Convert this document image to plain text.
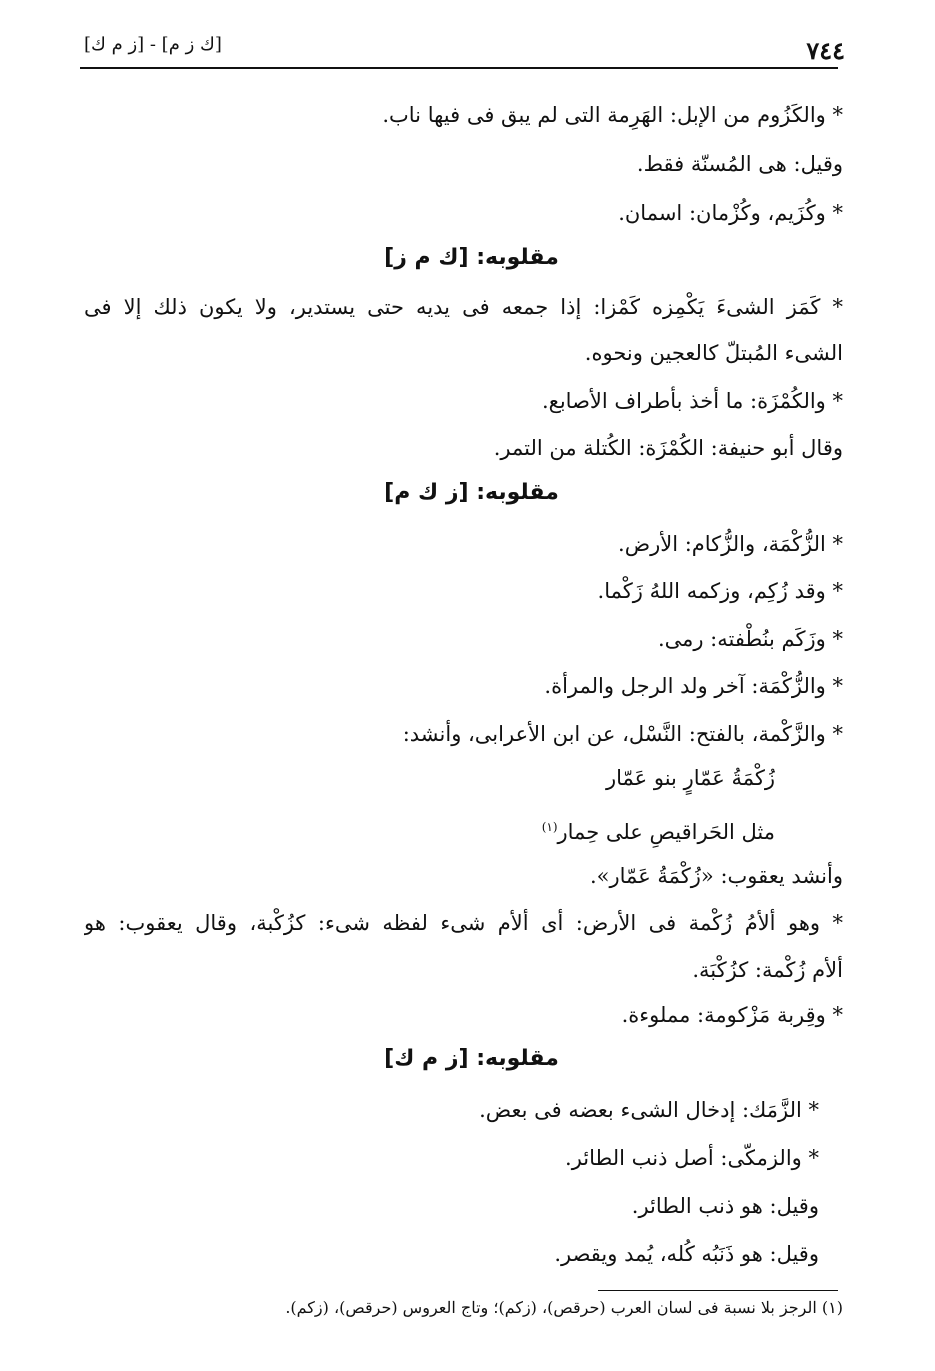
٧٤٤
[ك ز م] - [ز م ك]
* والكَزُوم من الإبل: الهَرِمة التى لم يبق فى فيها ناب.
وقيل: هى المُسنّة فقط.
* وكُزَيم، وكُزْمان: اسمان.
مقلوبه: [ك م ز]
* كَمَز الشىءَ يَكْمِزه كَمْزا: إذا جمعه فى يديه حتى يستدير، ولا يكون ذلك إلا فى
الشىء المُبتلّ كالعجين ونحوه.
* والكُمْزَة: ما أخذ بأطراف الأصابع.
وقال أبو حنيفة: الكُمْزَة: الكُتلة من التمر.
مقلوبه: [ز ك م]
* الزُّكْمَة، والزُّكام: الأرض.
* وقد زُكِم، وزكمه اللهُ زَكْما.
* وزَكَم بنُطْفته: رمى.
* والزُّكْمَة: آخر ولد الرجل والمرأة.
* والزَّكْمة، بالفتح: النَّسْل، عن ابن الأعرابى، وأنشد:
زُكْمَةُ عَمّارٍ بنو عَمّار
مثل الحَراقيصِ على حِمار$^{(١)}$
وأنشد يعقوب: «زُكْمَةُ عَمّار».
* وهو ألأمُ زُكْمة فى الأرض: أى ألأم شىء لفظه شىء: كزُكْبة، وقال يعقوب: هو
ألأم زُكْمة: كزُكْبَة.
* وقِربة مَزْكومة: مملوءة.
مقلوبه: [ز م ك]
* الزَّمَك: إدخال الشىء بعضه فى بعض.
* والزمكّى: أصل ذنب الطائر.
وقيل: هو ذنب الطائر.
وقيل: هو ذَنَبُه كُله، يُمد ويقصر.
(١) الرجز بلا نسبة فى لسان العرب (حرقص)، (زكم)؛ وتاج العروس (حرقص)، (زكم).
